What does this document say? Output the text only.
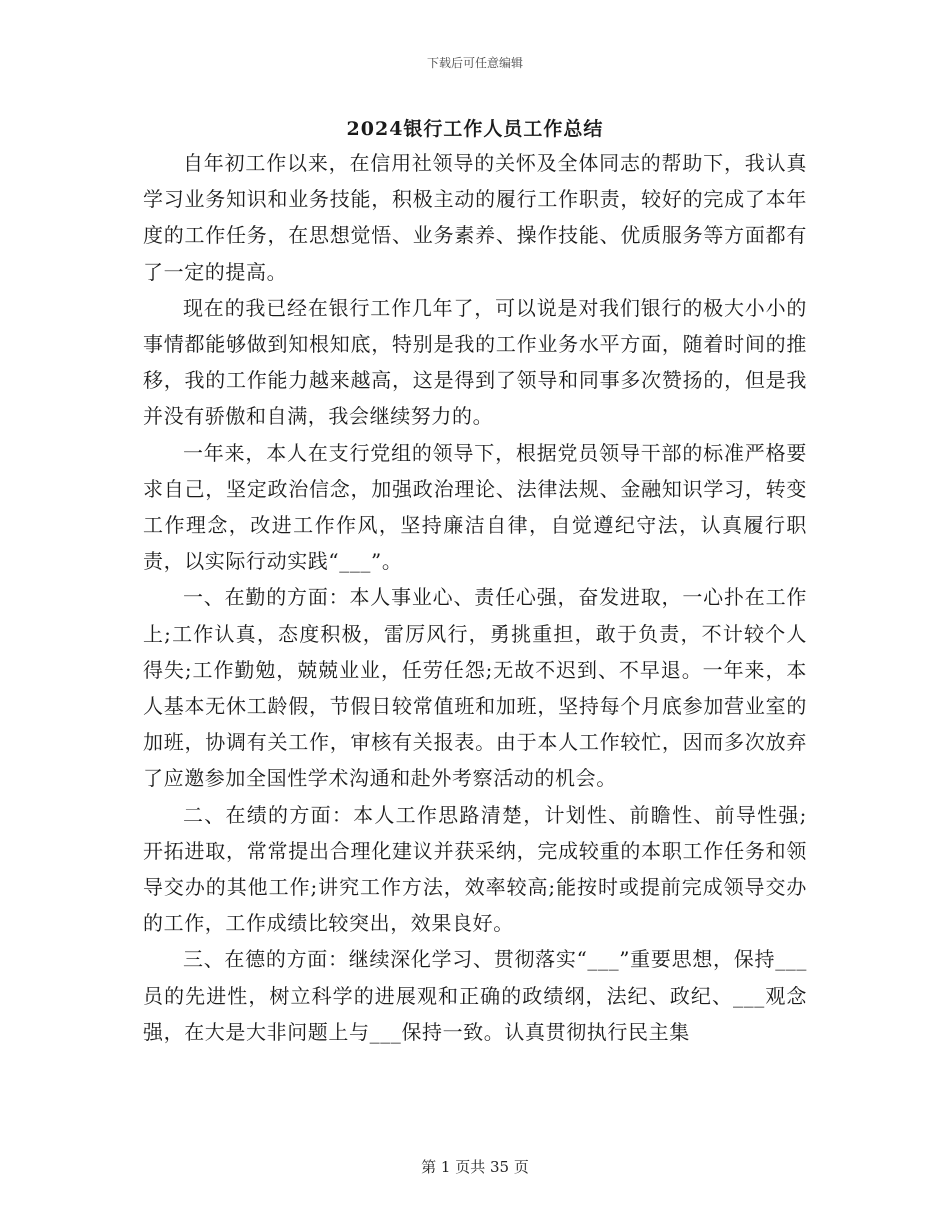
下载后可任意编辑
2024银行工作人员工作总结

自年初工作以来，在信用社领导的关怀及全体同志的帮助下，我认真学习业务知识和业务技能，积极主动的履行工作职责，较好的完成了本年度的工作任务，在思想觉悟、业务素养、操作技能、优质服务等方面都有了一定的提高。

现在的我已经在银行工作几年了，可以说是对我们银行的极大小小的事情都能够做到知根知底，特别是我的工作业务水平方面，随着时间的推移，我的工作能力越来越高，这是得到了领导和同事多次赞扬的，但是我并没有骄傲和自满，我会继续努力的。

一年来，本人在支行党组的领导下，根据党员领导干部的标准严格要求自己，坚定政治信念，加强政治理论、法律法规、金融知识学习，转变工作理念，改进工作作风，坚持廉洁自律，自觉遵纪守法，认真履行职责，以实际行动实践“___”。

一、在勤的方面：本人事业心、责任心强，奋发进取，一心扑在工作上;工作认真，态度积极，雷厉风行，勇挑重担，敢于负责，不计较个人得失;工作勤勉，兢兢业业，任劳任怨;无故不迟到、不早退。一年来，本人基本无休工龄假，节假日较常值班和加班，坚持每个月底参加营业室的加班，协调有关工作，审核有关报表。由于本人工作较忙，因而多次放弃了应邀参加全国性学术沟通和赴外考察活动的机会。

二、在绩的方面：本人工作思路清楚，计划性、前瞻性、前导性强;开拓进取，常常提出合理化建议并获采纳，完成较重的本职工作任务和领导交办的其他工作;讲究工作方法，效率较高;能按时或提前完成领导交办的工作，工作成绩比较突出，效果良好。

三、在德的方面：继续深化学习、贯彻落实“___”重要思想，保持___员的先进性，树立科学的进展观和正确的政绩纲，法纪、政纪、___观念强，在大是大非问题上与___保持一致。认真贯彻执行民主集

第 1 页共 35 页
